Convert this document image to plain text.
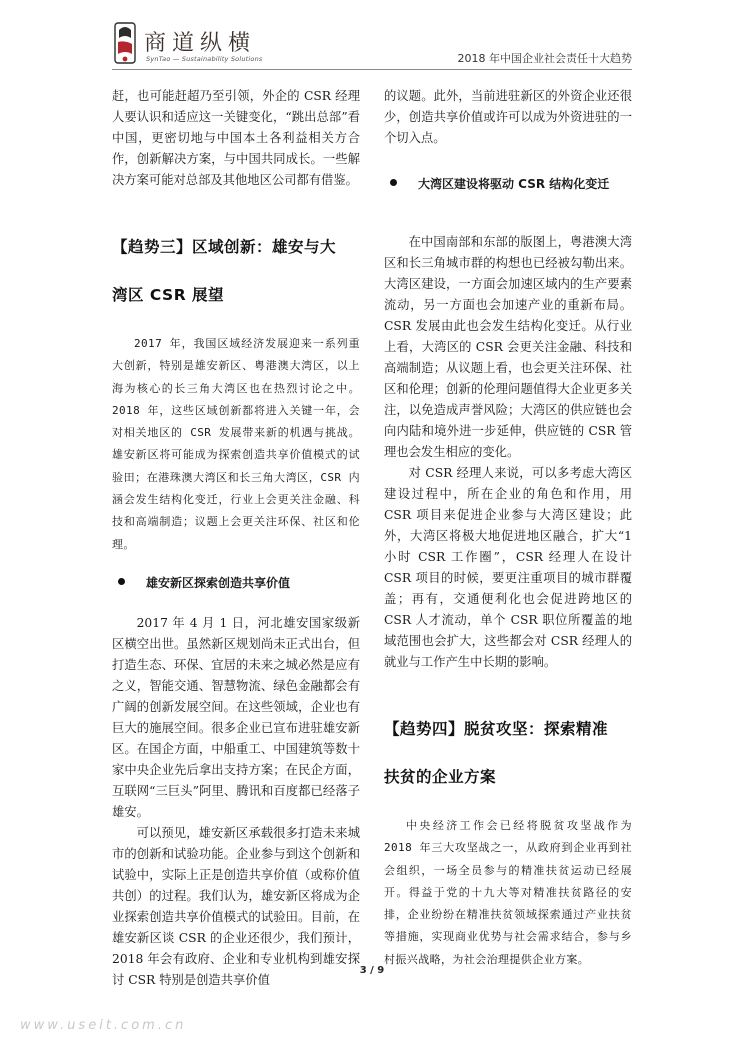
商道纵横
SynTao — Sustainability Solutions	2018 年中国企业社会责任十大趋势

赶，也可能赶超乃至引领，外企的 CSR 经理人要认识和适应这一关键变化，“跳出总部”看中国，更密切地与中国本土各利益相关方合作，创新解决方案，与中国共同成长。一些解决方案可能对总部及其他地区公司都有借鉴。

【趋势三】区域创新：雄安与大

湾区 CSR 展望

2017 年，我国区域经济发展迎来一系列重大创新，特别是雄安新区、粤港澳大湾区，以上海为核心的长三角大湾区也在热烈讨论之中。2018 年，这些区域创新都将进入关键一年，会对相关地区的 CSR 发展带来新的机遇与挑战。雄安新区将可能成为探索创造共享价值模式的试验田；在港珠澳大湾区和长三角大湾区，CSR 内涵会发生结构化变迁，行业上会更关注金融、科技和高端制造；议题上会更关注环保、社区和伦理。

雄安新区探索创造共享价值

2017 年 4 月 1 日，河北雄安国家级新区横空出世。虽然新区规划尚未正式出台，但打造生态、环保、宜居的未来之城必然是应有之义，智能交通、智慧物流、绿色金融都会有广阔的创新发展空间。在这些领域，企业也有巨大的施展空间。很多企业已宣布进驻雄安新区。在国企方面，中船重工、中国建筑等数十家中央企业先后拿出支持方案；在民企方面，互联网“三巨头”阿里、腾讯和百度都已经落子雄安。

可以预见，雄安新区承载很多打造未来城市的创新和试验功能。企业参与到这个创新和试验中，实际上正是创造共享价值（或称价值共创）的过程。我们认为，雄安新区将成为企业探索创造共享价值模式的试验田。目前，在雄安新区谈 CSR 的企业还很少，我们预计，2018 年会有政府、企业和专业机构到雄安探讨 CSR 特别是创造共享价值

的议题。此外，当前进驻新区的外资企业还很少，创造共享价值或许可以成为外资进驻的一个切入点。

大湾区建设将驱动 CSR 结构化变迁

在中国南部和东部的版图上，粤港澳大湾区和长三角城市群的构想也已经被勾勒出来。大湾区建设，一方面会加速区域内的生产要素流动，另一方面也会加速产业的重新布局。CSR 发展由此也会发生结构化变迁。从行业上看，大湾区的 CSR 会更关注金融、科技和高端制造；从议题上看，也会更关注环保、社区和伦理；创新的伦理问题值得大企业更多关注，以免造成声誉风险；大湾区的供应链也会向内陆和境外进一步延伸，供应链的 CSR 管理也会发生相应的变化。

对 CSR 经理人来说，可以多考虑大湾区建设过程中，所在企业的角色和作用，用 CSR 项目来促进企业参与大湾区建设；此外，大湾区将极大地促进地区融合，扩大“1 小时 CSR 工作圈”，CSR 经理人在设计 CSR 项目的时候，要更注重项目的城市群覆盖；再有，交通便利化也会促进跨地区的 CSR 人才流动，单个 CSR 职位所覆盖的地域范围也会扩大，这些都会对 CSR 经理人的就业与工作产生中长期的影响。

【趋势四】脱贫攻坚：探索精准

扶贫的企业方案

中央经济工作会已经将脱贫攻坚战作为 2018 年三大攻坚战之一，从政府到企业再到社会组织，一场全员参与的精准扶贫运动已经展开。得益于党的十九大等对精准扶贫路径的安排，企业纷纷在精准扶贫领域探索通过产业扶贫等措施，实现商业优势与社会需求结合，参与乡村振兴战略，为社会治理提供企业方案。

3 / 9
www.useit.com.cn
